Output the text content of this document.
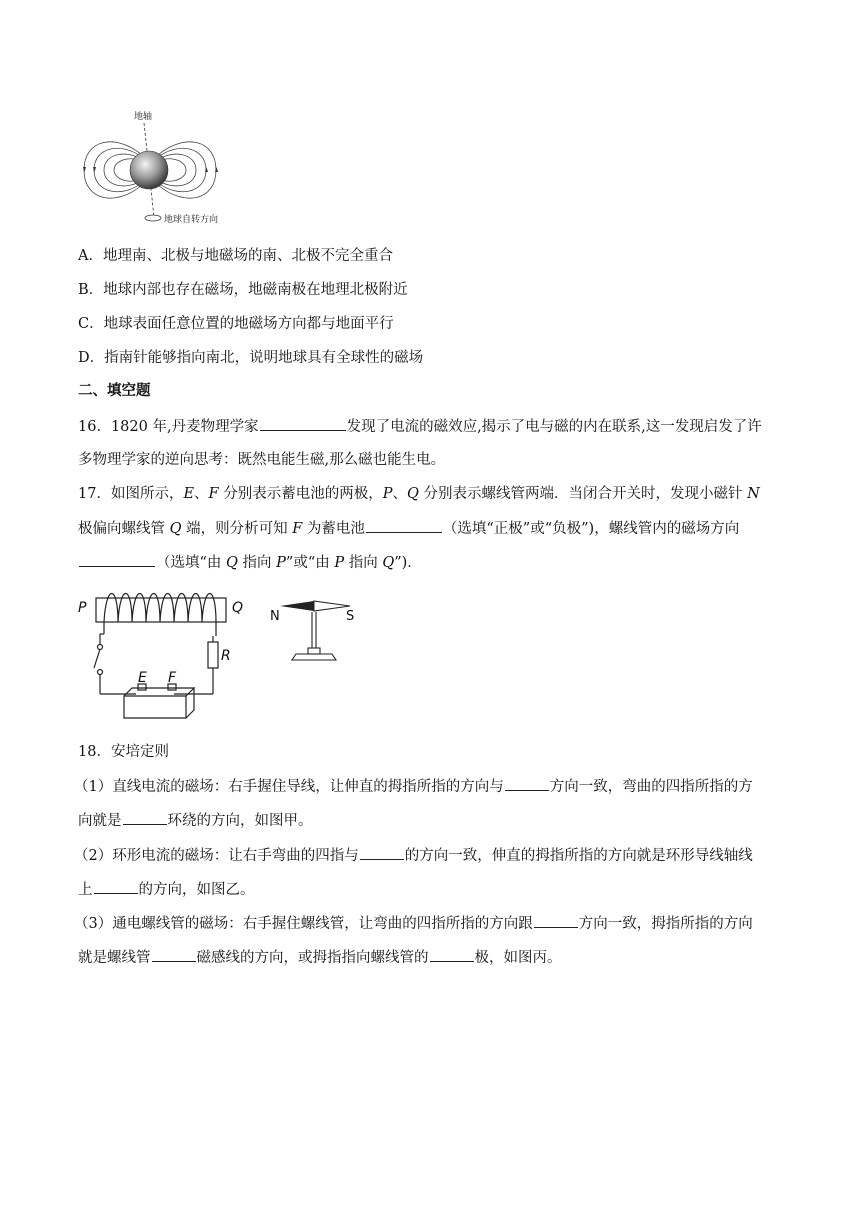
地轴
地球自转方向
A．地理南、北极与地磁场的南、北极不完全重合
B．地球内部也存在磁场，地磁南极在地理北极附近
C．地球表面任意位置的地磁场方向都与地面平行
D．指南针能够指向南北，说明地球具有全球性的磁场
二、填空题
16．1820 年,丹麦物理学家	发现了电流的磁效应,揭示了电与磁的内在联系,这一发现启发了许
多物理学家的逆向思考：既然电能生磁,那么磁也能生电。
17．如图所示，E、F 分别表示蓄电池的两极，P、Q 分别表示螺线管两端．当闭合开关时，发现小磁针 N
极偏向螺线管 Q 端，则分析可知 F 为蓄电池	（选填“正极”或“负极”)，螺线管内的磁场方向
（选填“由 Q 指向 P”或“由 P 指向 Q”)．
P	Q
R
E F
N	S
18．安培定则
（1）直线电流的磁场：右手握住导线，让伸直的拇指所指的方向与	方向一致，弯曲的四指所指的方
向就是	环绕的方向，如图甲。
（2）环形电流的磁场：让右手弯曲的四指与	的方向一致，伸直的拇指所指的方向就是环形导线轴线
上	的方向，如图乙。
（3）通电螺线管的磁场：右手握住螺线管，让弯曲的四指所指的方向跟	方向一致，拇指所指的方向
就是螺线管	磁感线的方向，或拇指指向螺线管的	极，如图丙。
